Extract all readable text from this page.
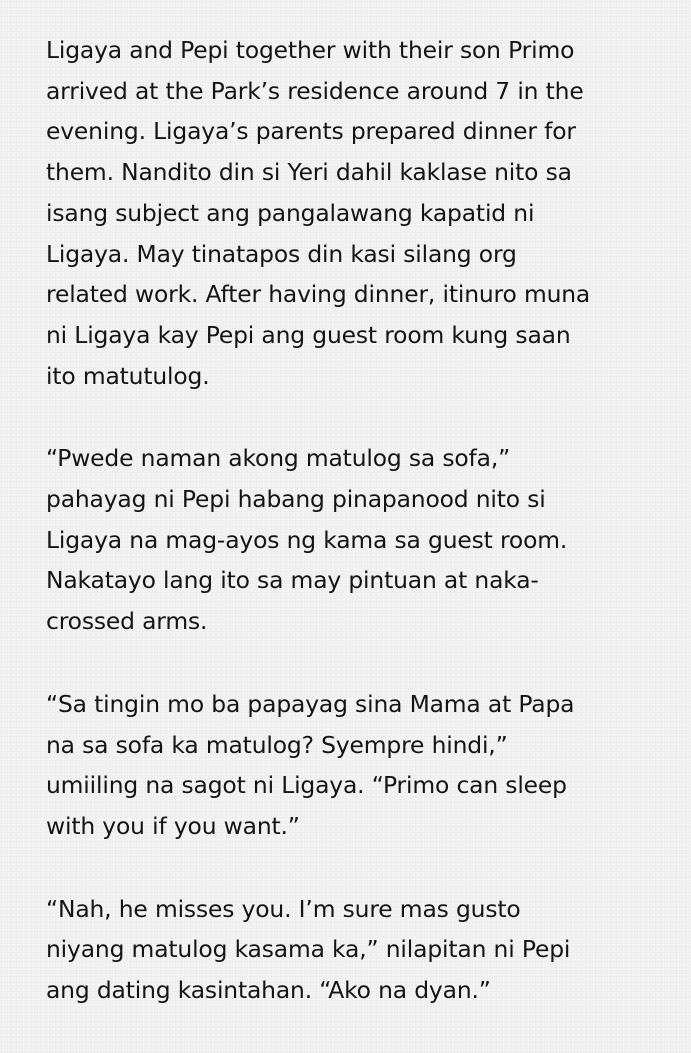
Ligaya and Pepi together with their son Primo
arrived at the Park’s residence around 7 in the
evening. Ligaya’s parents prepared dinner for
them. Nandito din si Yeri dahil kaklase nito sa
isang subject ang pangalawang kapatid ni
Ligaya. May tinatapos din kasi silang org
related work. After having dinner, itinuro muna
ni Ligaya kay Pepi ang guest room kung saan
ito matutulog.
“Pwede naman akong matulog sa sofa,”
pahayag ni Pepi habang pinapanood nito si
Ligaya na mag-ayos ng kama sa guest room.
Nakatayo lang ito sa may pintuan at naka-
crossed arms.
“Sa tingin mo ba papayag sina Mama at Papa
na sa sofa ka matulog? Syempre hindi,”
umiiling na sagot ni Ligaya. “Primo can sleep
with you if you want.”
“Nah, he misses you. I’m sure mas gusto
niyang matulog kasama ka,” nilapitan ni Pepi
ang dating kasintahan. “Ako na dyan.”
